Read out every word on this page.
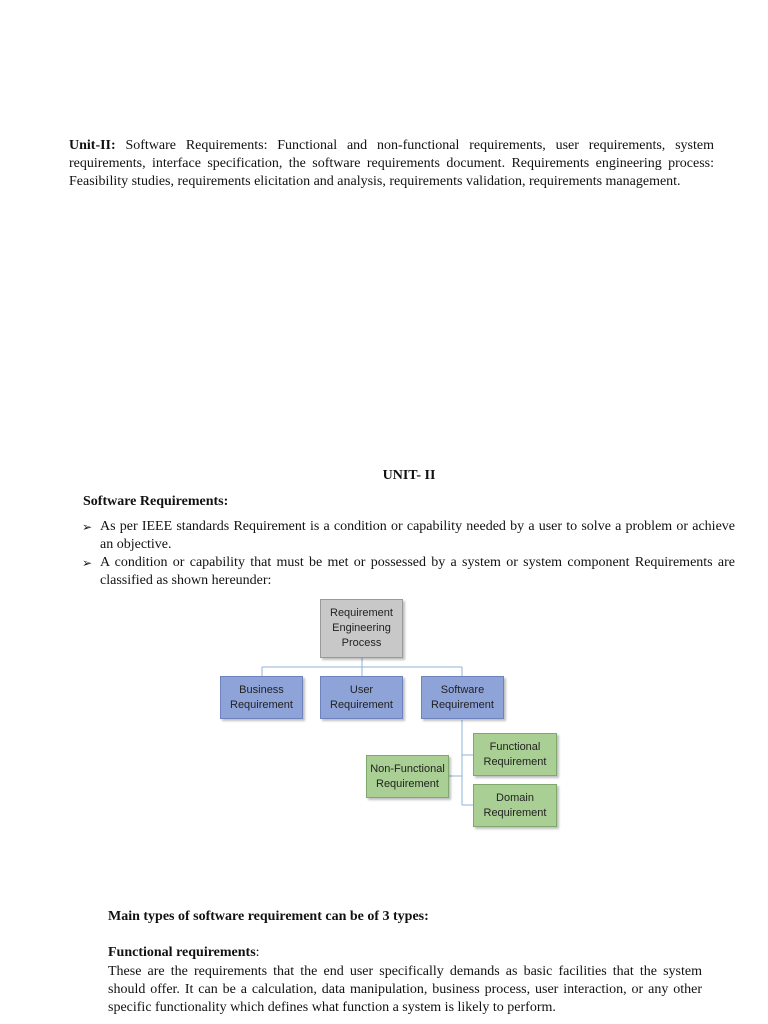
Unit-II: Software Requirements: Functional and non-functional requirements, user requirements, system requirements, interface specification, the software requirements document. Requirements engineering process: Feasibility studies, requirements elicitation and analysis, requirements validation, requirements management.

UNIT- II

Software Requirements:

➢ As per IEEE standards Requirement is a condition or capability needed by a user to solve a problem or achieve an objective.
➢ A condition or capability that must be met or possessed by a system or system component Requirements are classified as shown hereunder:
Requirement Engineering Process
Business Requirement
User Requirement
Software Requirement
Functional Requirement
Non-Functional Requirement
Domain Requirement

Main types of software requirement can be of 3 types:

Functional requirements:

These are the requirements that the end user specifically demands as basic facilities that the system should offer. It can be a calculation, data manipulation, business process, user interaction, or any other specific functionality which defines what function a system is likely to perform.
